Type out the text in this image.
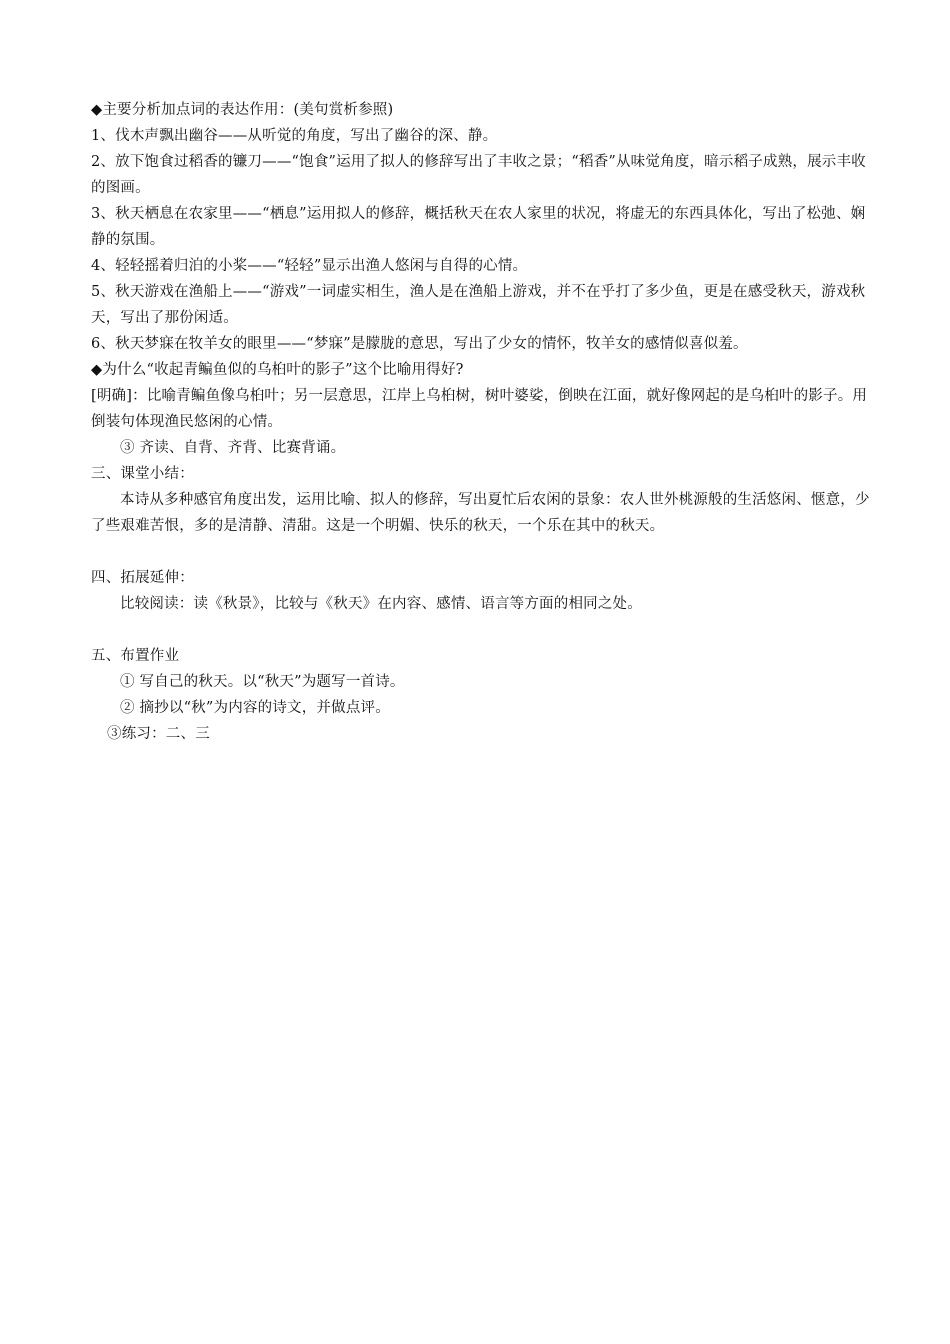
◆主要分析加点词的表达作用：(美句赏析参照)
1、伐木声飘出幽谷——从听觉的角度，写出了幽谷的深、静。
2、放下饱食过稻香的镰刀——“饱食”运用了拟人的修辞写出了丰收之景；“稻香”从味觉角度，暗示稻子成熟，展示丰收的图画。
3、秋天栖息在农家里——“栖息”运用拟人的修辞，概括秋天在农人家里的状况，将虚无的东西具体化，写出了松弛、娴静的氛围。
4、轻轻摇着归泊的小桨——“轻轻”显示出渔人悠闲与自得的心情。
5、秋天游戏在渔船上——“游戏”一词虚实相生，渔人是在渔船上游戏，并不在乎打了多少鱼，更是在感受秋天，游戏秋天，写出了那份闲适。
6、秋天梦寐在牧羊女的眼里——“梦寐”是朦胧的意思，写出了少女的情怀，牧羊女的感情似喜似羞。
◆为什么“收起青鳊鱼似的乌桕叶的影子”这个比喻用得好?
[明确]：比喻青鳊鱼像乌桕叶；另一层意思，江岸上乌桕树，树叶婆娑，倒映在江面，就好像网起的是乌桕叶的影子。用倒装句体现渔民悠闲的心情。
③ 齐读、自背、齐背、比赛背诵。
三、课堂小结：
本诗从多种感官角度出发，运用比喻、拟人的修辞，写出夏忙后农闲的景象：农人世外桃源般的生活悠闲、惬意，少了些艰难苦恨，多的是清静、清甜。这是一个明媚、快乐的秋天，一个乐在其中的秋天。
四、拓展延伸：
比较阅读：读《秋景》，比较与《秋天》在内容、感情、语言等方面的相同之处。
五、布置作业
① 写自己的秋天。以“秋天”为题写一首诗。
② 摘抄以“秋”为内容的诗文，并做点评。
③练习：二、三
